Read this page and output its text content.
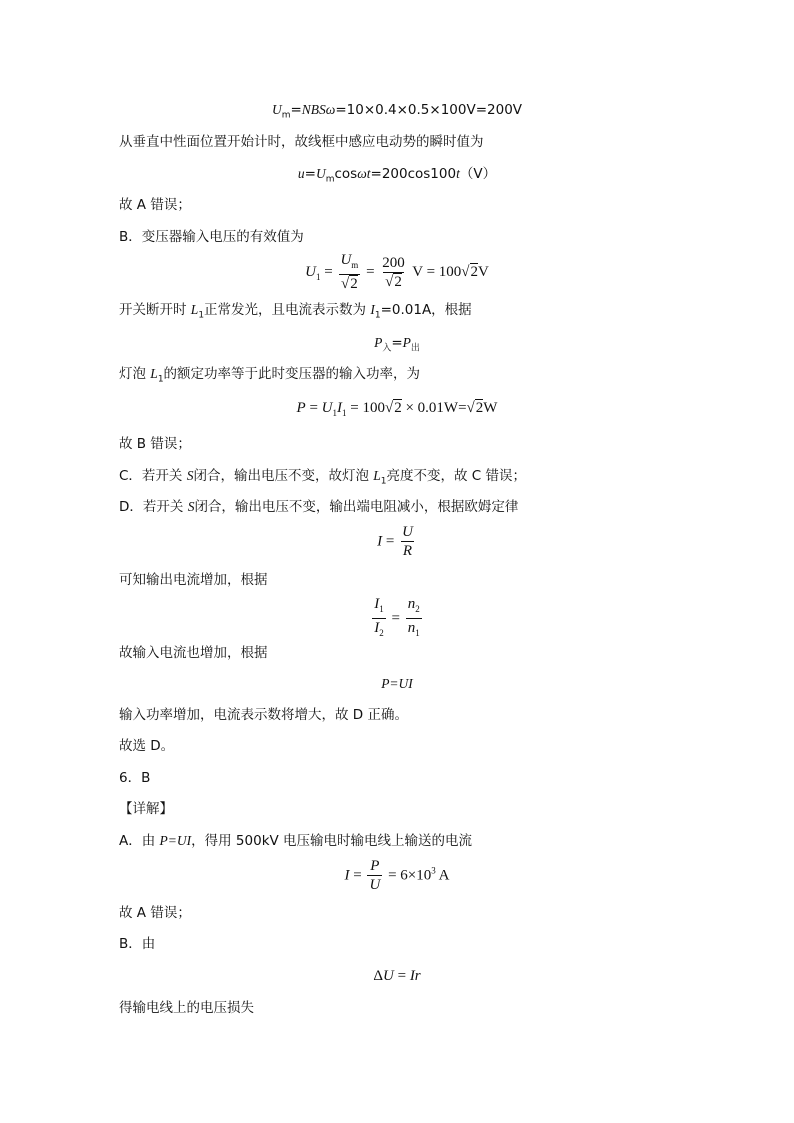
$U_m=NBS\omega=10\times 0.4\times 0.5\times 100V=200V$
从垂直中性面位置开始计时，故线框中感应电动势的瞬时值为
$u=U_m\cos\omega t=200\cos 100t(V)$
故 A 错误；
B．变压器输入电压的有效值为
$U_1 = \frac{U_m}{√2} = \frac{200}{√2}$ V = 100√2V
开关断开时 $L_1$正常发光，且电流表示数为 $I_1=0.01A$，根据
$P_入=P_出$
灯泡 $L_1$的额定功率等于此时变压器的输入功率，为
$P = U_1I_1 = 100√2 \times 0.01W=√2W$
故 B 错误；
C．若开关 S闭合，输出电压不变，故灯泡 $L_1$亮度不变，故 C 错误；
D．若开关 S闭合，输出电压不变，输出端电阻减小，根据欧姆定律
$I = \frac{U}{R}$
可知输出电流增加，根据
$\frac{I_1}{I_2} = \frac{n_2}{n_1}$
故输入电流也增加，根据
P=UI
输入功率增加，电流表示数将增大，故 D 正确。
故选 D。
6．B
【详解】
A．由 P=UI，得用 500kV 电压输电时输电线上输送的电流
$I = \frac{P}{U} = 6\times 10^3$ A
故 A 错误；
B．由
ΔU = Ir
得输电线上的电压损失
